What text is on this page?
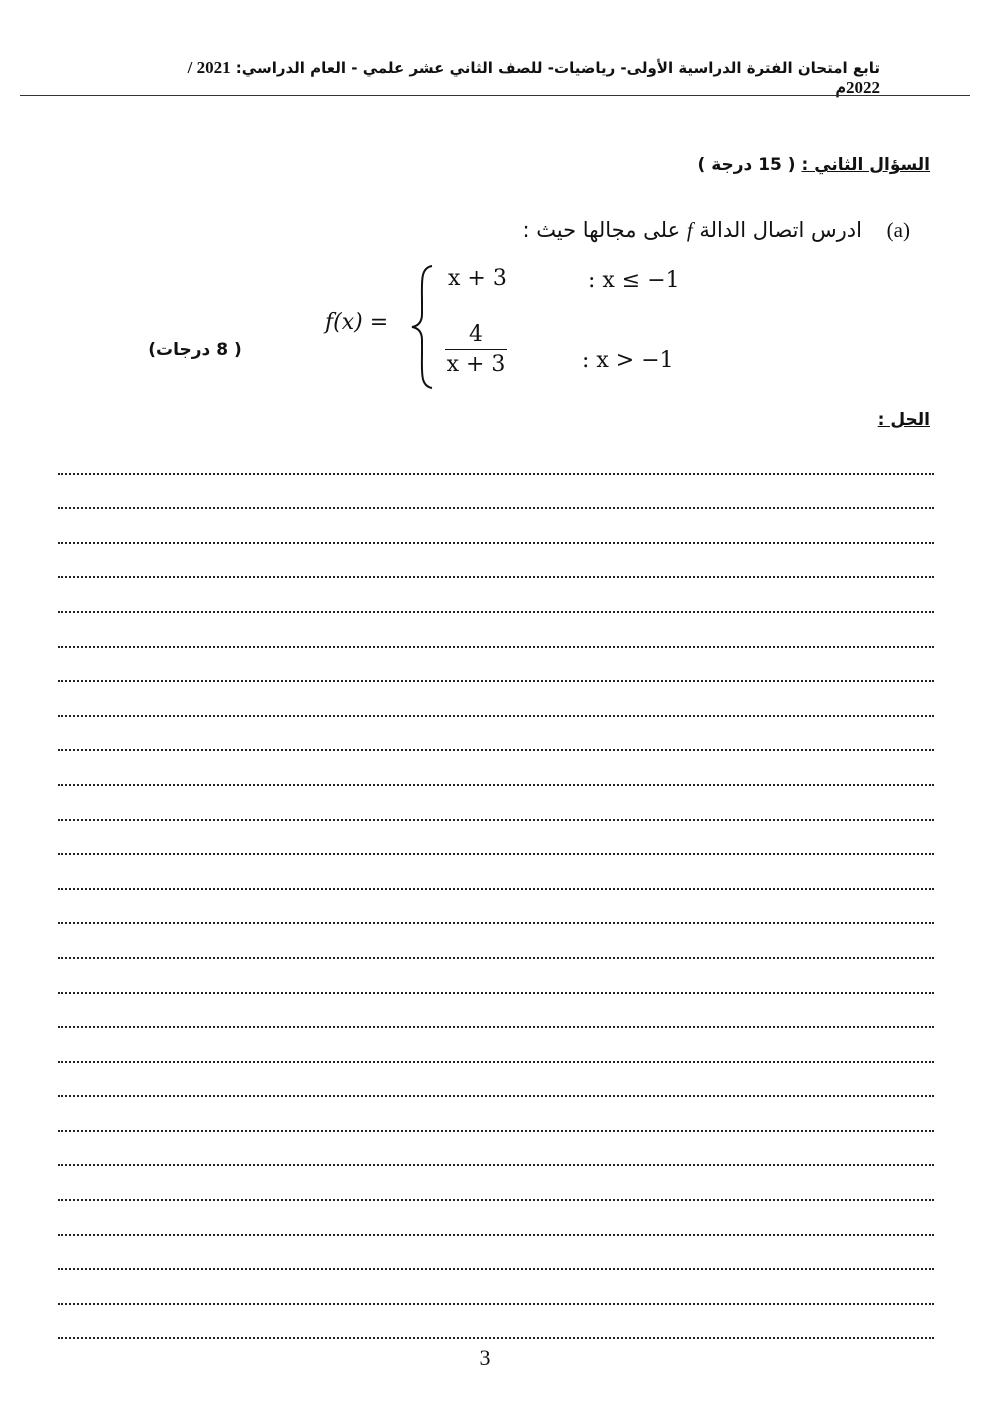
تابع امتحان الفترة الدراسية الأولى- رياضيات- للصف الثاني عشر علمي - العام الدراسي: 2021 / 2022م
السؤال الثاني : ( 15 درجة )
(a) ادرس اتصال الدالة f على مجالها حيث :
( 8 درجات)
f(x) =
x + 3	: x ≤ −1
$\frac{4}{x + 3}$	: x > −1
الحل :
3
